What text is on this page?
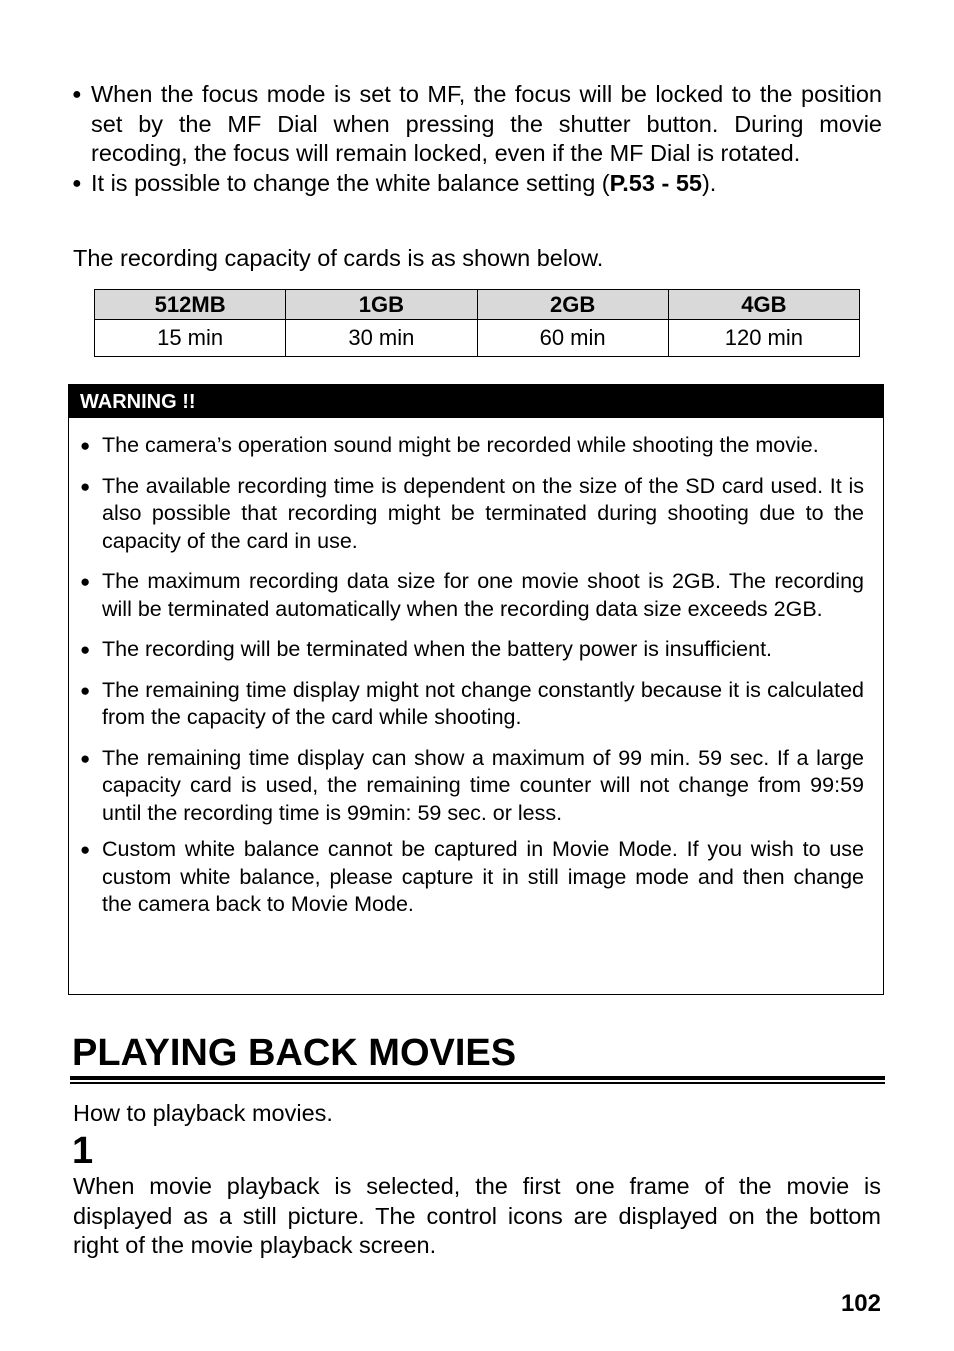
● When the focus mode is set to MF, the focus will be locked to the position set by the MF Dial when pressing the shutter button. During movie recoding, the focus will remain locked, even if the MF Dial is rotated.
● It is possible to change the white balance setting (P.53 - 55).

The recording capacity of cards is as shown below.

512MB	1GB	2GB	4GB
15 min	30 min	60 min	120 min
WARNING !!
● The camera’s operation sound might be recorded while shooting the movie.
● The available recording time is dependent on the size of the SD card used. It is also possible that recording might be terminated during shooting due to the capacity of the card in use.
● The maximum recording data size for one movie shoot is 2GB. The recording will be terminated automatically when the recording data size exceeds 2GB.
● The recording will be terminated when the battery power is insufficient.
● The remaining time display might not change constantly because it is calculated from the capacity of the card while shooting.
● The remaining time display can show a maximum of 99 min. 59 sec. If a large capacity card is used, the remaining time counter will not change from 99:59 until the recording time is 99min: 59 sec. or less.
● Custom white balance cannot be captured in Movie Mode. If you wish to use custom white balance, please capture it in still image mode and then change the camera back to Movie Mode.
PLAYING BACK MOVIES

How to playback movies.

1

When movie playback is selected, the first one frame of the movie is displayed as a still picture. The control icons are displayed on the bottom right of the movie playback screen.

102
